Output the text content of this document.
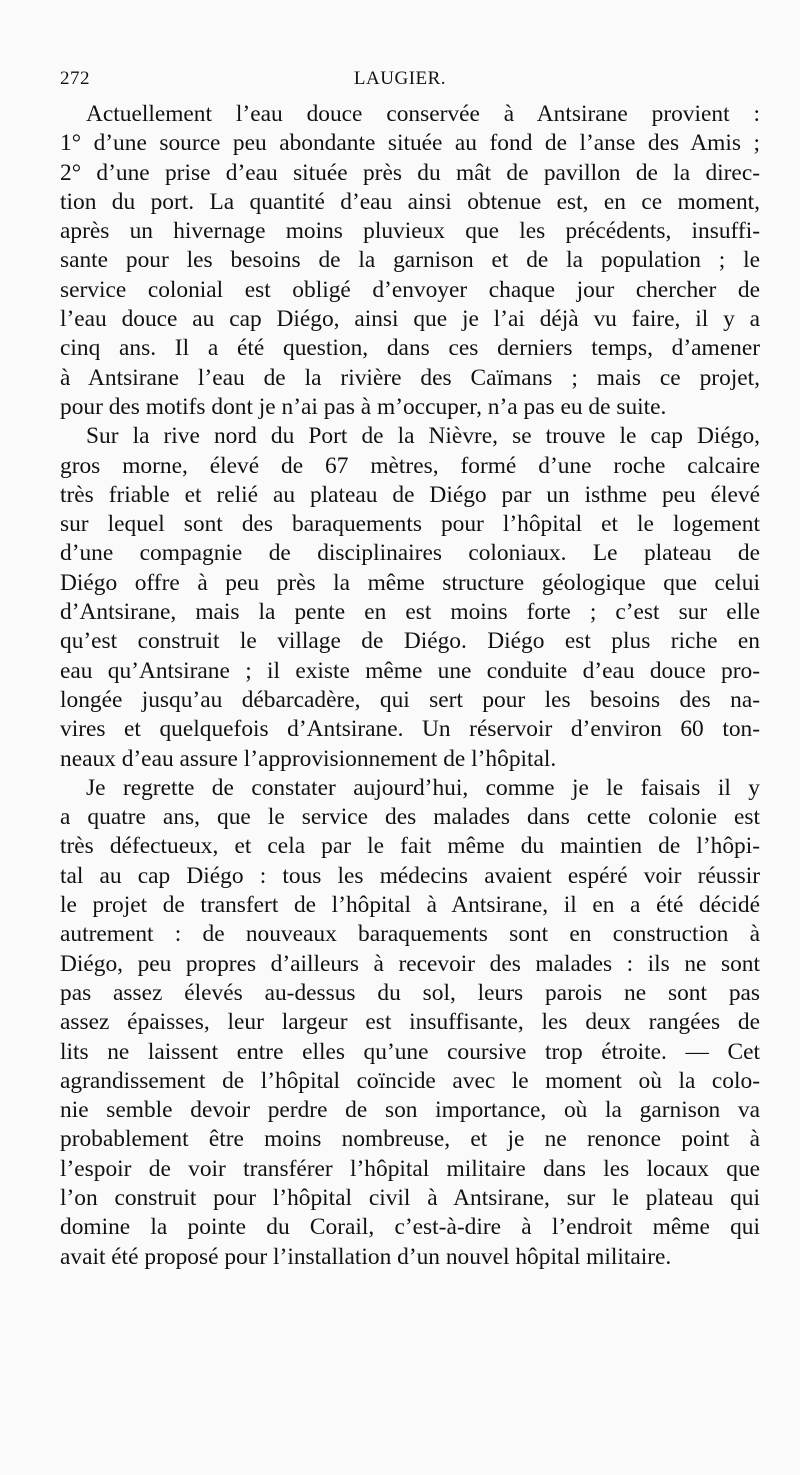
272	LAUGIER.
Actuellement l’eau douce conservée à Antsirane provient :
1° d’une source peu abondante située au fond de l’anse des Amis ;
2° d’une prise d’eau située près du mât de pavillon de la direc-
tion du port. La quantité d’eau ainsi obtenue est, en ce moment,
après un hivernage moins pluvieux que les précédents, insuffi-
sante pour les besoins de la garnison et de la population ; le
service colonial est obligé d’envoyer chaque jour chercher de
l’eau douce au cap Diégo, ainsi que je l’ai déjà vu faire, il y a
cinq ans. Il a été question, dans ces derniers temps, d’amener
à Antsirane l’eau de la rivière des Caïmans ; mais ce projet,
pour des motifs dont je n’ai pas à m’occuper, n’a pas eu de suite.
Sur la rive nord du Port de la Nièvre, se trouve le cap Diégo,
gros morne, élevé de 67 mètres, formé d’une roche calcaire
très friable et relié au plateau de Diégo par un isthme peu élevé
sur lequel sont des baraquements pour l’hôpital et le logement
d’une compagnie de disciplinaires coloniaux. Le plateau de
Diégo offre à peu près la même structure géologique que celui
d’Antsirane, mais la pente en est moins forte ; c’est sur elle
qu’est construit le village de Diégo. Diégo est plus riche en
eau qu’Antsirane ; il existe même une conduite d’eau douce pro-
longée jusqu’au débarcadère, qui sert pour les besoins des na-
vires et quelquefois d’Antsirane. Un réservoir d’environ 60 ton-
neaux d’eau assure l’approvisionnement de l’hôpital.
Je regrette de constater aujourd’hui, comme je le faisais il y
a quatre ans, que le service des malades dans cette colonie est
très défectueux, et cela par le fait même du maintien de l’hôpi-
tal au cap Diégo : tous les médecins avaient espéré voir réussir
le projet de transfert de l’hôpital à Antsirane, il en a été décidé
autrement : de nouveaux baraquements sont en construction à
Diégo, peu propres d’ailleurs à recevoir des malades : ils ne sont
pas assez élevés au-dessus du sol, leurs parois ne sont pas
assez épaisses, leur largeur est insuffisante, les deux rangées de
lits ne laissent entre elles qu’une coursive trop étroite. — Cet
agrandissement de l’hôpital coïncide avec le moment où la colo-
nie semble devoir perdre de son importance, où la garnison va
probablement être moins nombreuse, et je ne renonce point à
l’espoir de voir transférer l’hôpital militaire dans les locaux que
l’on construit pour l’hôpital civil à Antsirane, sur le plateau qui
domine la pointe du Corail, c’est-à-dire à l’endroit même qui
avait été proposé pour l’installation d’un nouvel hôpital militaire.
